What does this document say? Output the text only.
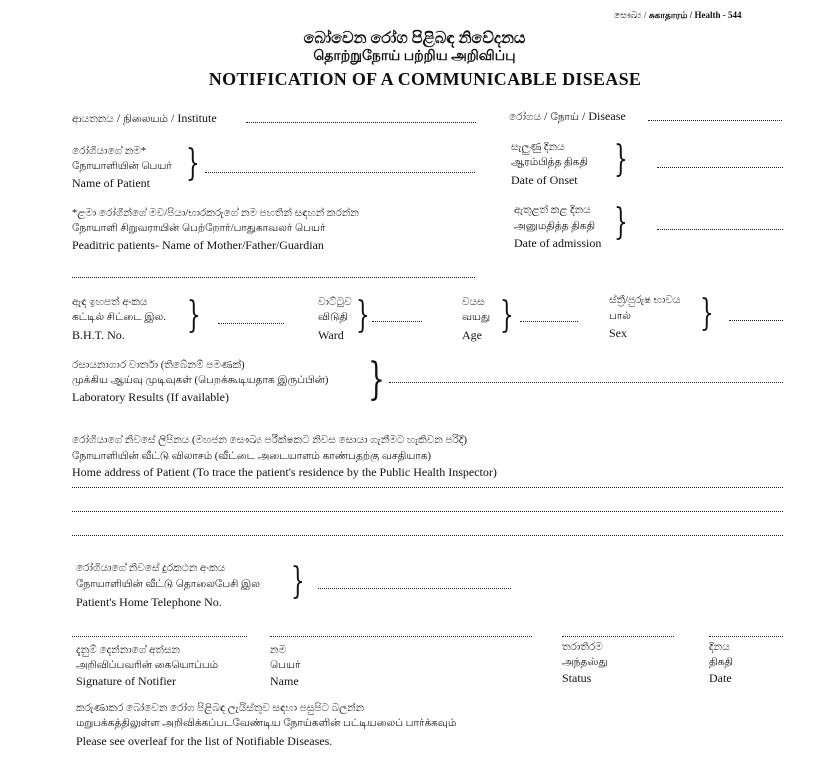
සෞඛ්‍ය / சுகாதாரம் / Health - 544
බෝවෙන රෝග පිළිබඳ නිවේදනය
தொற்றுநோய் பற்றிய அறிவிப்பு
NOTIFICATION OF A COMMUNICABLE DISEASE
ආයතනය / நிலையம் / Institute	රෝගය / நோய் / Disease
රෝගියාගේ නම*
நோயாளியின் பெயர்
Name of Patient }	සැලුණු දිනය
ஆரம்பித்த திகதி
Date of Onset }
*ළමා රෝගීන්ගේ මව/පියා/භාරකරුගේ නම පහතින් සඳහන් කරන්න
நோயாளி சிறுவராயின் பெற்றோர்/பாதுகாவலர் பெயர்
Peaditric patients- Name of Mother/Father/Guardian
ඇතුළත් කළ දිනය
அனுமதித்த திகதி
Date of admission }
ඇඳ ඉහපත් අංකය
கட்டில் சிட்டை இல.
B.H.T. No. }	වාට්ටුව
விடுதி
Ward }	වයස
வயது
Age }	ස්ත්‍රී/පුරුෂ භාවය
பால்
Sex }
රසායනාගාර වාර්තා (තිබේනම් පමණක්)
முக்கிய ஆய்வு முடிவுகள் (பெறக்கூடியதாக இருப்பின்)
Laboratory Results (If available)	}
රෝගියාගේ නිවසේ ලිපිනය (මහජන සෞඛ්‍ය පරීක්ෂකට නිවස සොයා ගැනීමට හැකිවන පරිදි)
நோயாளியின் வீட்டு விலாசம் (வீட்டை அடையாளம் காண்பதற்கு வசதியாக)
Home address of Patient (To trace the patient's residence by the Public Health Inspector)
රෝගියාගේ නිවසේ දුරකථන අංකය
நோயாளியின் வீட்டு தொலைபேசி இல
Patient's Home Telephone No. }
දැනුම් දෙන්නාගේ අත්සන
அறிவிப்பவரின் கையொப்பம்
Signature of Notifier
නම
பெயர்
Name
තරාතිරම
அந்தஸ்து
Status
දිනය
திகதி
Date
කරුණාකර බෝවෙන රෝග පිළිබඳ ලැයිස්තුව සඳහා පසුපිට බලන්න
மறுபக்கத்திலுள்ள அறிவிக்கப்படவேண்டிய நோய்களின் பட்டியலைப் பார்க்கவும்
Please see overleaf for the list of Notifiable Diseases.
